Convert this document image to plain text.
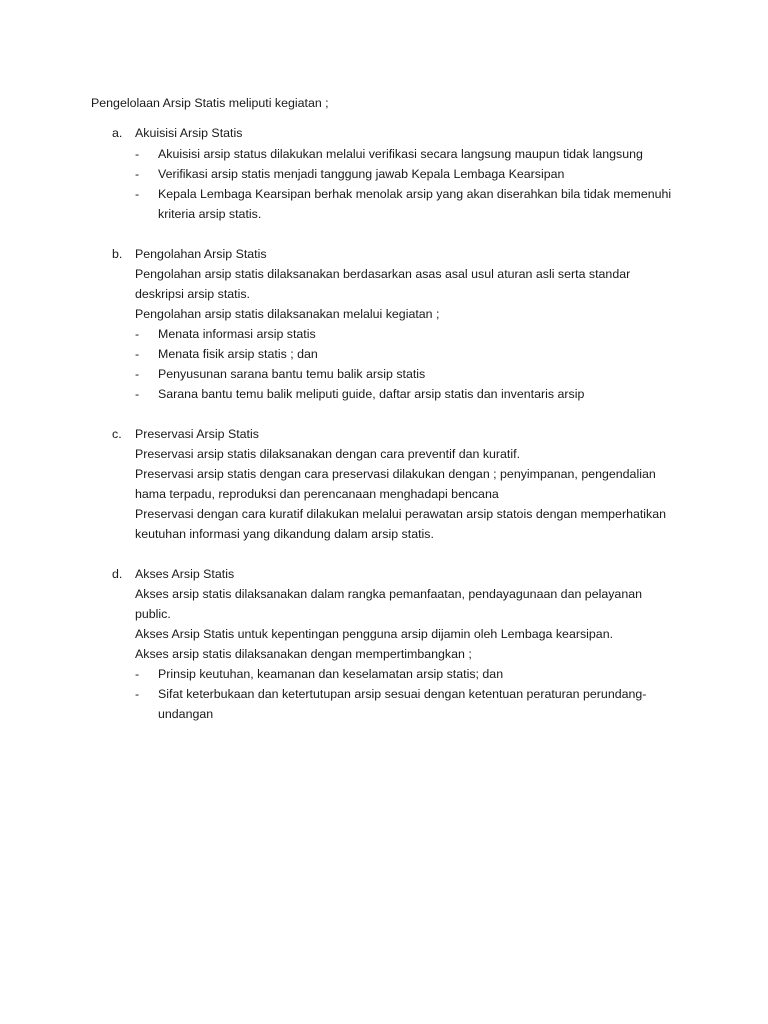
Pengelolaan Arsip Statis meliputi kegiatan ;
a. Akuisisi Arsip Statis
- Akuisisi arsip status dilakukan melalui verifikasi secara langsung maupun tidak langsung
- Verifikasi arsip statis menjadi tanggung jawab Kepala Lembaga Kearsipan
- Kepala Lembaga Kearsipan berhak menolak arsip yang akan diserahkan bila tidak memenuhi
kriteria arsip statis.
b. Pengolahan Arsip Statis
Pengolahan arsip statis dilaksanakan berdasarkan asas asal usul aturan asli serta standar
deskripsi arsip statis.
Pengolahan arsip statis dilaksanakan melalui kegiatan ;
- Menata informasi arsip statis
- Menata fisik arsip statis ; dan
- Penyusunan sarana bantu temu balik arsip statis
- Sarana bantu temu balik meliputi guide, daftar arsip statis dan inventaris arsip
c. Preservasi Arsip Statis
Preservasi arsip statis dilaksanakan dengan cara preventif dan kuratif.
Preservasi arsip statis dengan cara preservasi dilakukan dengan ; penyimpanan, pengendalian
hama terpadu, reproduksi dan perencanaan menghadapi bencana
Preservasi dengan cara kuratif dilakukan melalui perawatan arsip statois dengan memperhatikan
keutuhan informasi yang dikandung dalam arsip statis.
d. Akses Arsip Statis
Akses arsip statis dilaksanakan dalam rangka pemanfaatan, pendayagunaan dan pelayanan
public.
Akses Arsip Statis untuk kepentingan pengguna arsip dijamin oleh Lembaga kearsipan.
Akses arsip statis dilaksanakan dengan mempertimbangkan ;
- Prinsip keutuhan, keamanan dan keselamatan arsip statis; dan
- Sifat keterbukaan dan ketertutupan arsip sesuai dengan ketentuan peraturan perundang-
undangan
